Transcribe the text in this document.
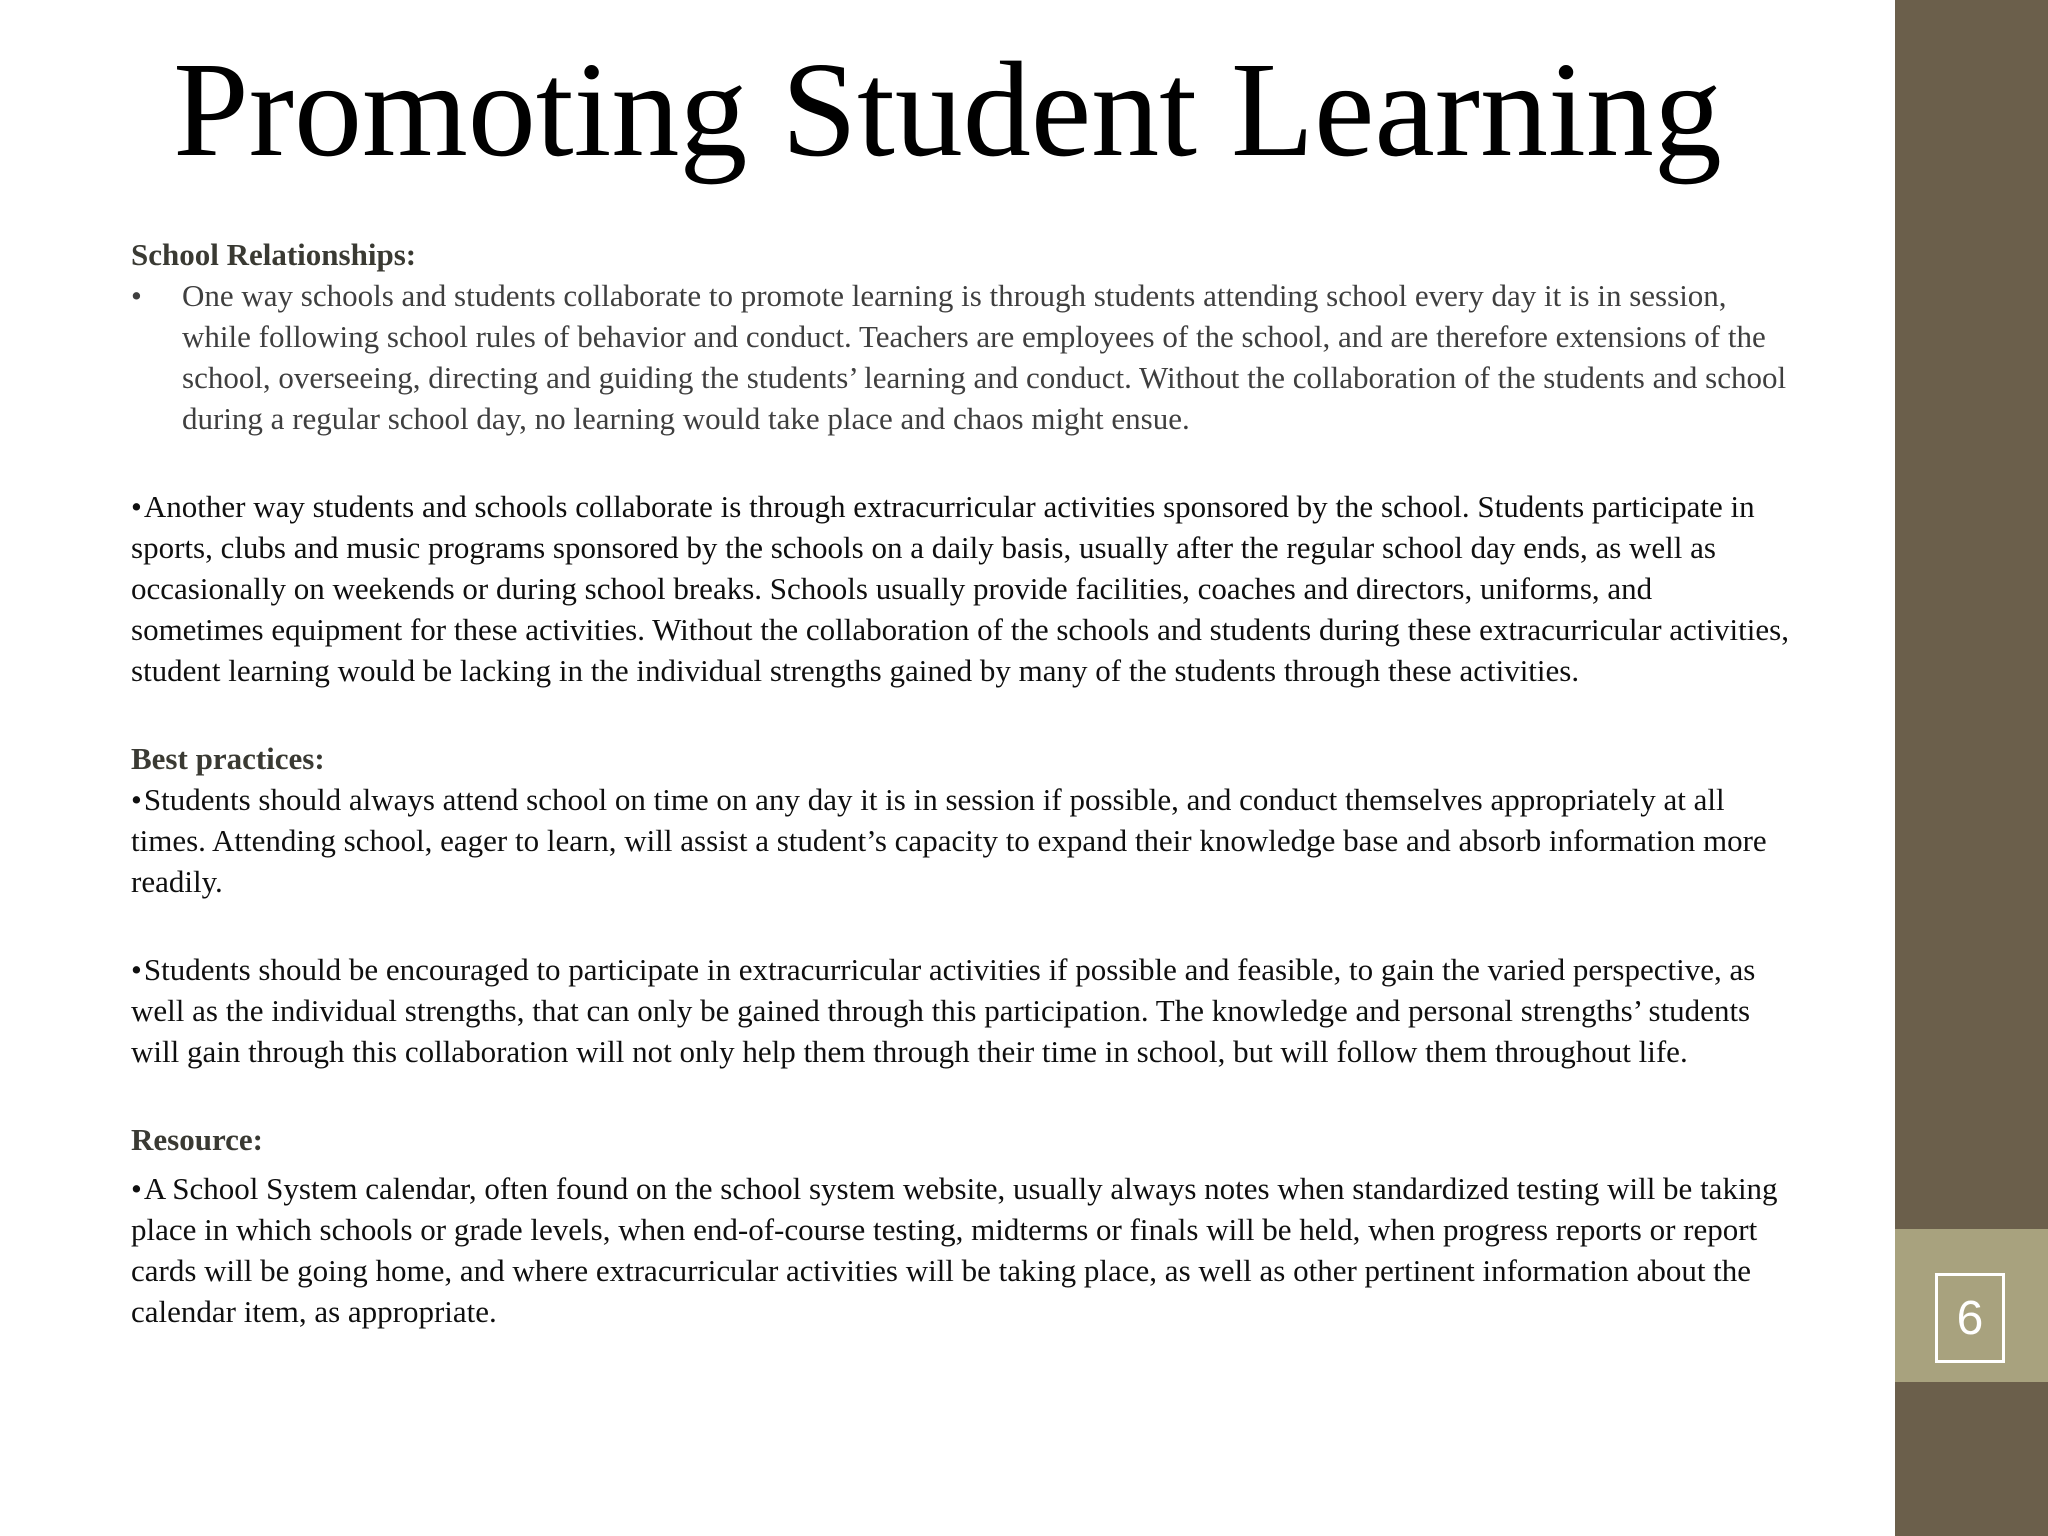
Promoting Student Learning

School Relationships:

• One way schools and students collaborate to promote learning is through students attending school every day it is in session, while following school rules of behavior and conduct. Teachers are employees of the school, and are therefore extensions of the school, overseeing, directing and guiding the students’ learning and conduct. Without the collaboration of the students and school during a regular school day, no learning would take place and chaos might ensue.

•Another way students and schools collaborate is through extracurricular activities sponsored by the school. Students participate in sports, clubs and music programs sponsored by the schools on a daily basis, usually after the regular school day ends, as well as occasionally on weekends or during school breaks. Schools usually provide facilities, coaches and directors, uniforms, and sometimes equipment for these activities. Without the collaboration of the schools and students during these extracurricular activities, student learning would be lacking in the individual strengths gained by many of the students through these activities.

Best practices:

•Students should always attend school on time on any day it is in session if possible, and conduct themselves appropriately at all times. Attending school, eager to learn, will assist a student’s capacity to expand their knowledge base and absorb information more readily.

•Students should be encouraged to participate in extracurricular activities if possible and feasible, to gain the varied perspective, as well as the individual strengths, that can only be gained through this participation. The knowledge and personal strengths’ students will gain through this collaboration will not only help them through their time in school, but will follow them throughout life.

Resource:

•A School System calendar, often found on the school system website, usually always notes when standardized testing will be taking place in which schools or grade levels, when end-of-course testing, midterms or finals will be held, when progress reports or report cards will be going home, and where extracurricular activities will be taking place, as well as other pertinent information about the calendar item, as appropriate.	6
